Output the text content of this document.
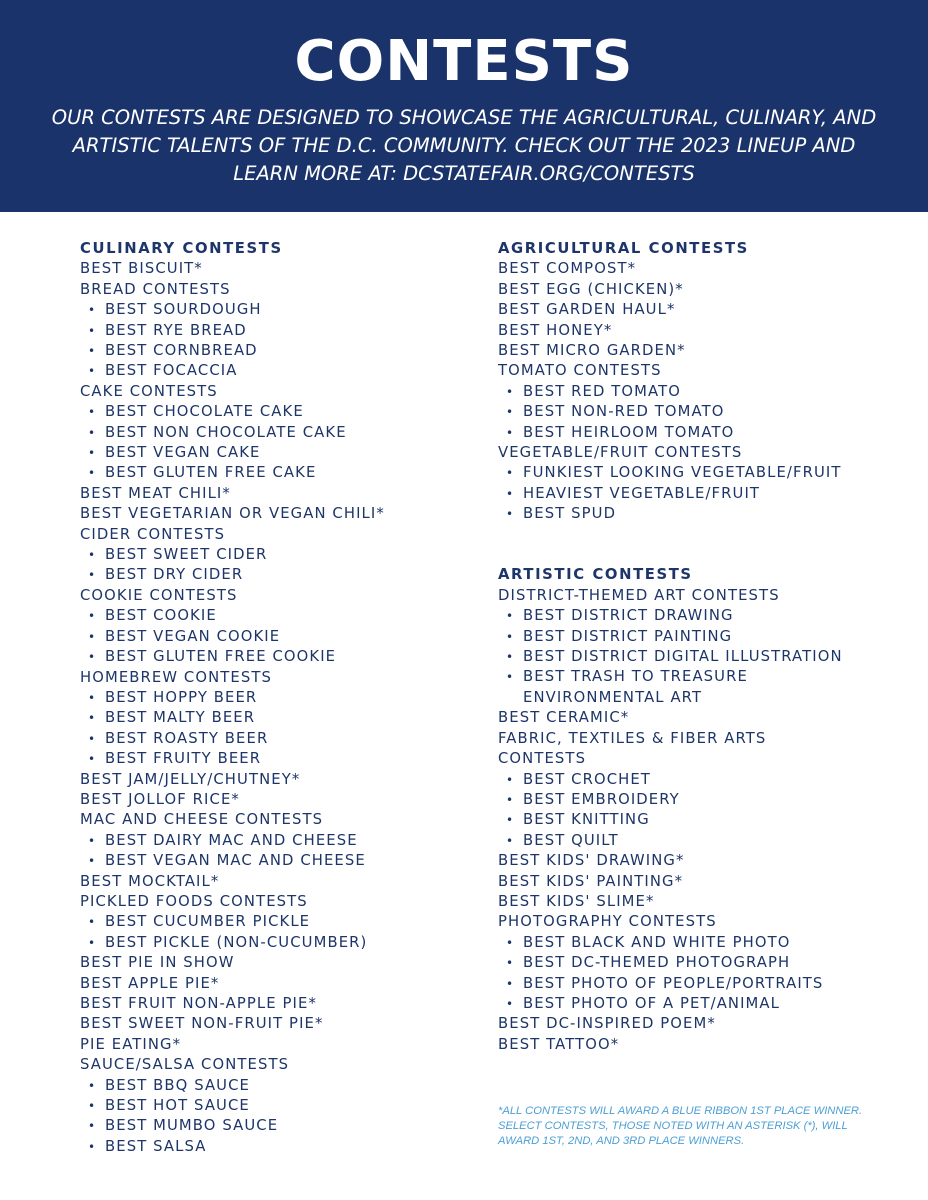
CONTESTS

OUR CONTESTS ARE DESIGNED TO SHOWCASE THE AGRICULTURAL, CULINARY, AND ARTISTIC TALENTS OF THE D.C. COMMUNITY. CHECK OUT THE 2023 LINEUP AND LEARN MORE AT: DCSTATEFAIR.ORG/CONTESTS

CULINARY CONTESTS
BEST BISCUIT*
BREAD CONTESTS
• BEST SOURDOUGH
• BEST RYE BREAD
• BEST CORNBREAD
• BEST FOCACCIA
CAKE CONTESTS
• BEST CHOCOLATE CAKE
• BEST NON CHOCOLATE CAKE
• BEST VEGAN CAKE
• BEST GLUTEN FREE CAKE
BEST MEAT CHILI*
BEST VEGETARIAN OR VEGAN CHILI*
CIDER CONTESTS
• BEST SWEET CIDER
• BEST DRY CIDER
COOKIE CONTESTS
• BEST COOKIE
• BEST VEGAN COOKIE
• BEST GLUTEN FREE COOKIE
HOMEBREW CONTESTS
• BEST HOPPY BEER
• BEST MALTY BEER
• BEST ROASTY BEER
• BEST FRUITY BEER
BEST JAM/JELLY/CHUTNEY*
BEST JOLLOF RICE*
MAC AND CHEESE CONTESTS
• BEST DAIRY MAC AND CHEESE
• BEST VEGAN MAC AND CHEESE
BEST MOCKTAIL*
PICKLED FOODS CONTESTS
• BEST CUCUMBER PICKLE
• BEST PICKLE (NON-CUCUMBER)
BEST PIE IN SHOW
BEST APPLE PIE*
BEST FRUIT NON-APPLE PIE*
BEST SWEET NON-FRUIT PIE*
PIE EATING*
SAUCE/SALSA CONTESTS
• BEST BBQ SAUCE
• BEST HOT SAUCE
• BEST MUMBO SAUCE
• BEST SALSA
AGRICULTURAL CONTESTS
BEST COMPOST*
BEST EGG (CHICKEN)*
BEST GARDEN HAUL*
BEST HONEY*
BEST MICRO GARDEN*
TOMATO CONTESTS
• BEST RED TOMATO
• BEST NON-RED TOMATO
• BEST HEIRLOOM TOMATO
VEGETABLE/FRUIT CONTESTS
• FUNKIEST LOOKING VEGETABLE/FRUIT
• HEAVIEST VEGETABLE/FRUIT
• BEST SPUD
ARTISTIC CONTESTS
DISTRICT-THEMED ART CONTESTS
• BEST DISTRICT DRAWING
• BEST DISTRICT PAINTING
• BEST DISTRICT DIGITAL ILLUSTRATION
• BEST TRASH TO TREASURE
ENVIRONMENTAL ART
BEST CERAMIC*
FABRIC, TEXTILES & FIBER ARTS
CONTESTS
• BEST CROCHET
• BEST EMBROIDERY
• BEST KNITTING
• BEST QUILT
BEST KIDS' DRAWING*
BEST KIDS' PAINTING*
BEST KIDS' SLIME*
PHOTOGRAPHY CONTESTS
• BEST BLACK AND WHITE PHOTO
• BEST DC-THEMED PHOTOGRAPH
• BEST PHOTO OF PEOPLE/PORTRAITS
• BEST PHOTO OF A PET/ANIMAL
BEST DC-INSPIRED POEM*
BEST TATTOO*
*ALL CONTESTS WILL AWARD A BLUE RIBBON 1ST PLACE WINNER. SELECT CONTESTS, THOSE NOTED WITH AN ASTERISK (*), WILL AWARD 1ST, 2ND, AND 3RD PLACE WINNERS.
